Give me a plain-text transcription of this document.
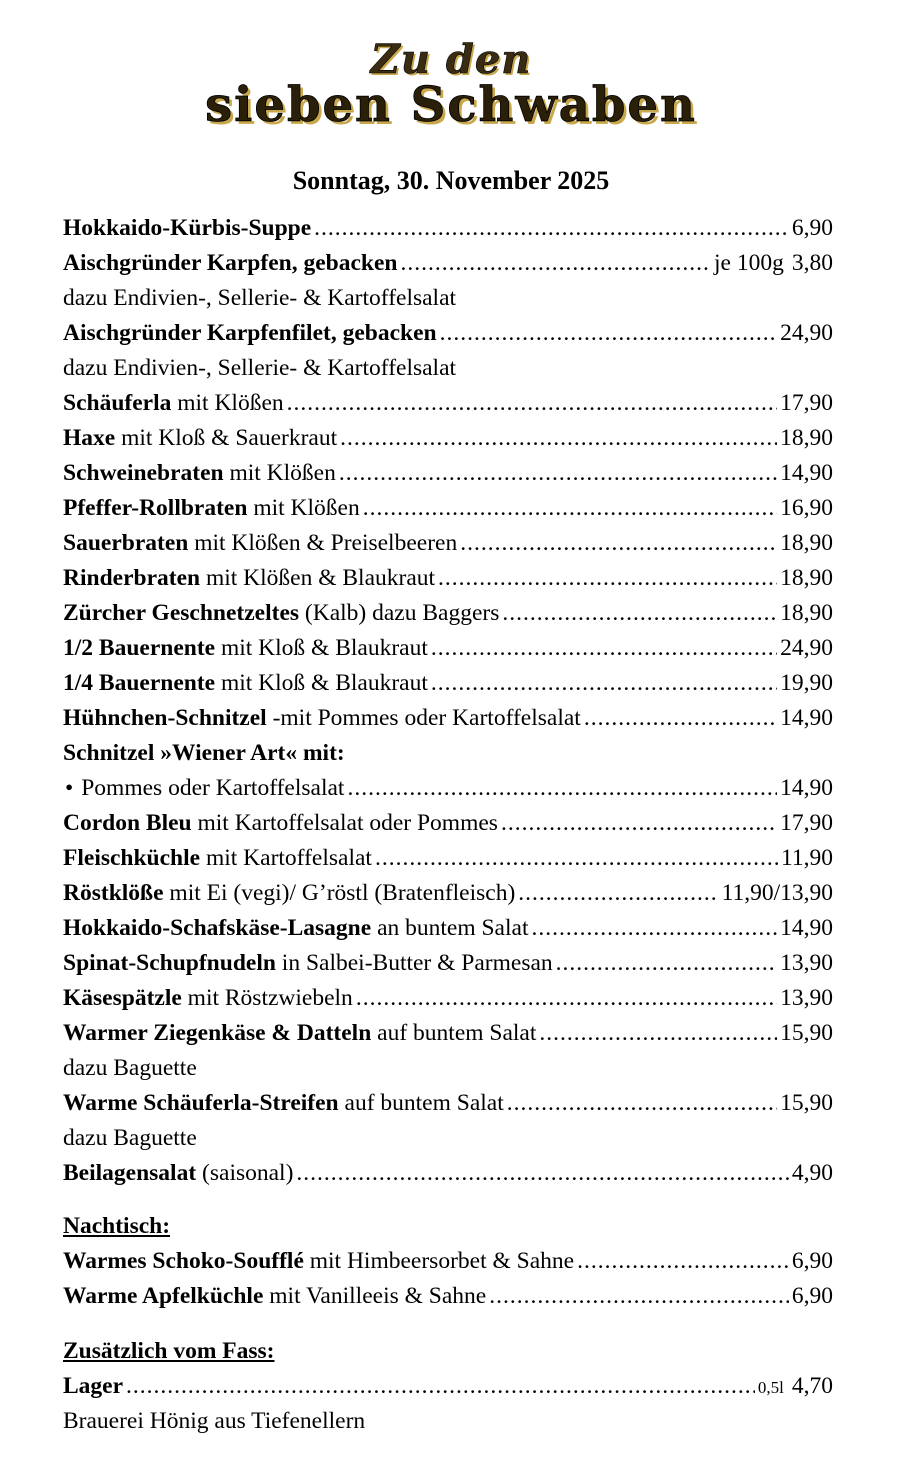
Zu den
sieben Schwaben
Sonntag, 30. November 2025
Hokkaido-Kürbis-Suppe .....	6,90
Aischgründer Karpfen, gebacken .....	je 100g 3,80
dazu Endivien-, Sellerie- & Kartoffelsalat
Aischgründer Karpfenfilet, gebacken .....	24,90
dazu Endivien-, Sellerie- & Kartoffelsalat
Schäuferla mit Klößen .....	17,90
Haxe mit Kloß & Sauerkraut .....	18,90
Schweinebraten mit Klößen .....	14,90
Pfeffer-Rollbraten mit Klößen .....	16,90
Sauerbraten mit Klößen & Preiselbeeren .....	18,90
Rinderbraten mit Klößen & Blaukraut .....	18,90
Zürcher Geschnetzeltes (Kalb) dazu Baggers .....	18,90
1/2 Bauernente mit Kloß & Blaukraut .....	24,90
1/4 Bauernente mit Kloß & Blaukraut .....	19,90
Hühnchen-Schnitzel -mit Pommes oder Kartoffelsalat .....	14,90
Schnitzel »Wiener Art« mit:
• Pommes oder Kartoffelsalat .....	14,90
Cordon Bleu mit Kartoffelsalat oder Pommes .....	17,90
Fleischküchle mit Kartoffelsalat .....	11,90
Röstklöße mit Ei (vegi)/ G’röstl (Bratenfleisch) .....	11,90/13,90
Hokkaido-Schafskäse-Lasagne an buntem Salat .....	14,90
Spinat-Schupfnudeln in Salbei-Butter & Parmesan .....	13,90
Käsespätzle mit Röstzwiebeln .....	13,90
Warmer Ziegenkäse & Datteln auf buntem Salat .....	15,90
dazu Baguette
Warme Schäuferla-Streifen auf buntem Salat .....	15,90
dazu Baguette
Beilagensalat (saisonal) .....	4,90
Nachtisch:
Warmes Schoko-Soufflé mit Himbeersorbet & Sahne .....	6,90
Warme Apfelküchle mit Vanilleeis & Sahne .....	6,90
Zusätzlich vom Fass:
Lager .....	0,5l 4,70
Brauerei Hönig aus Tiefenellern
